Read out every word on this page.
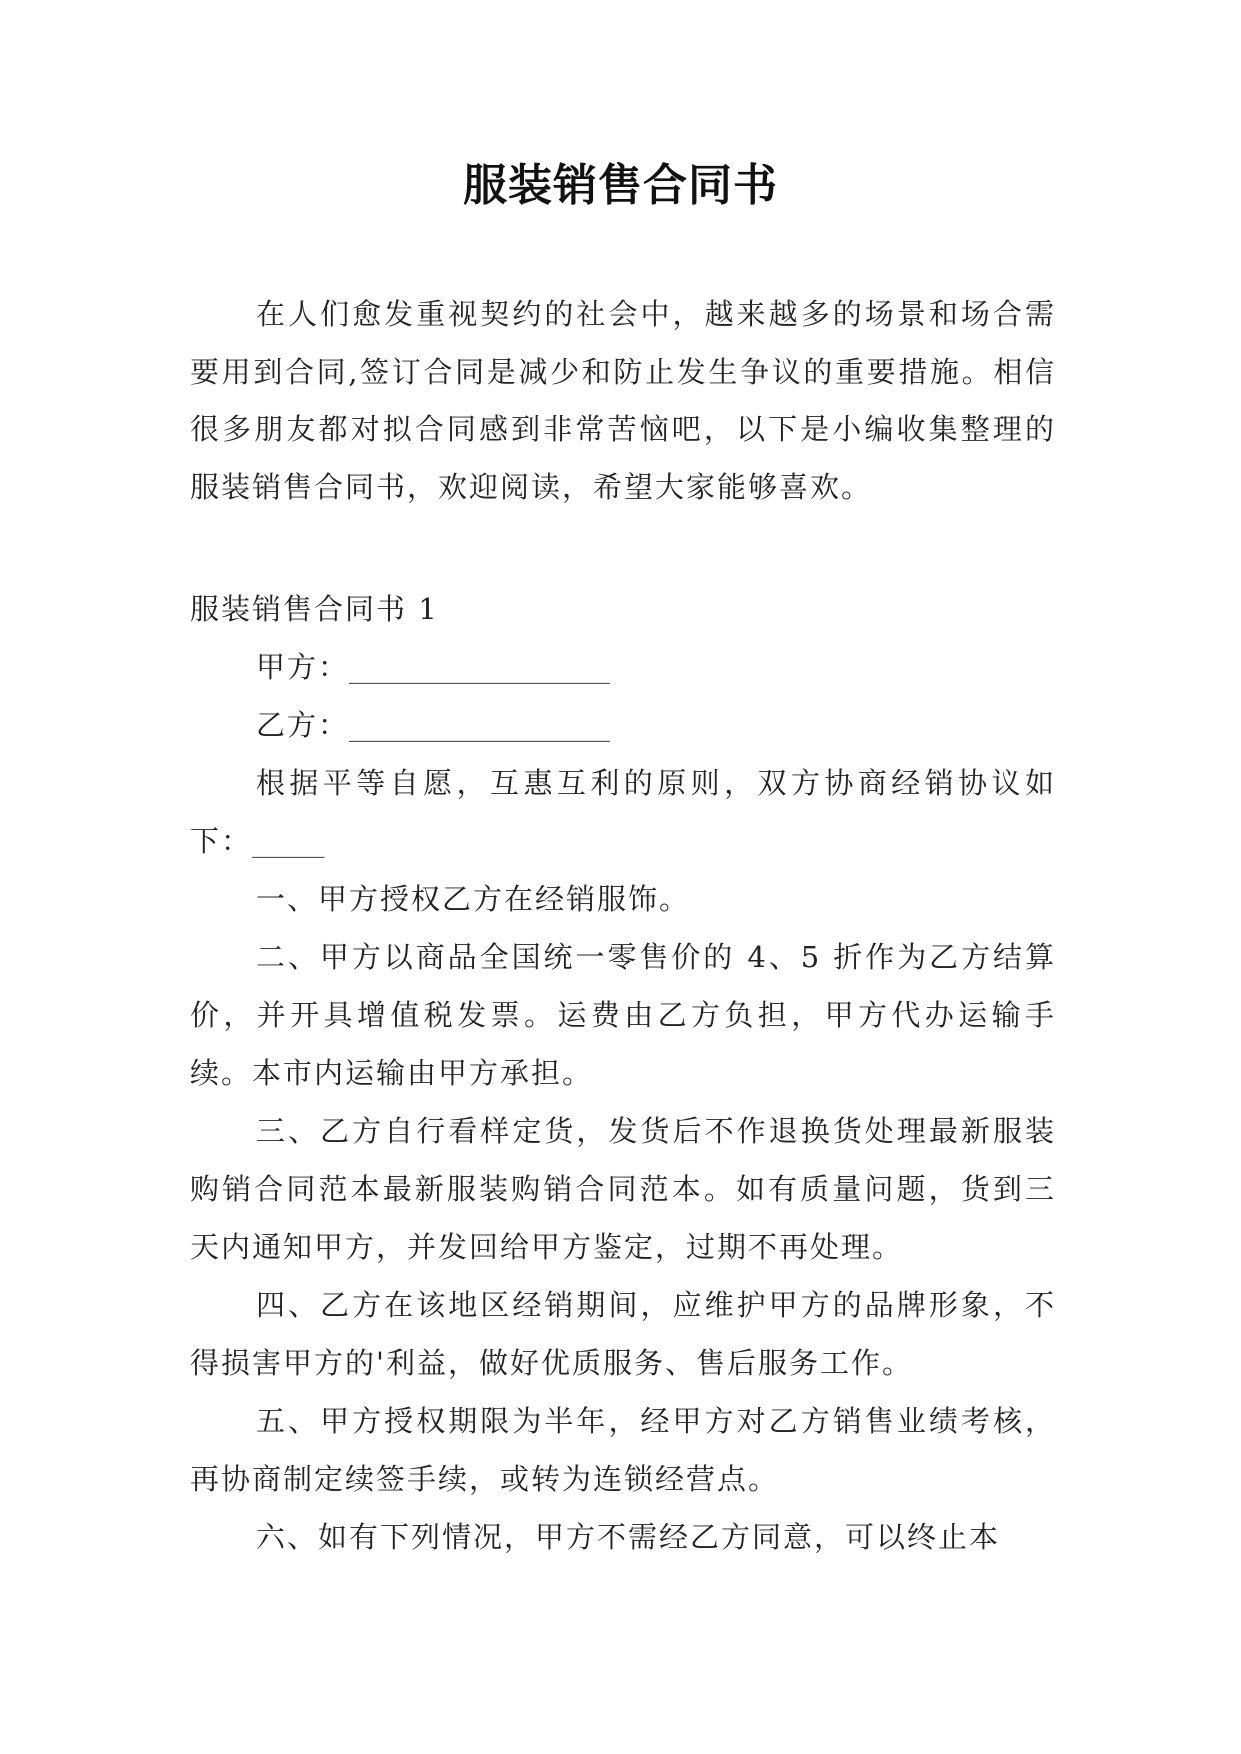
服装销售合同书

在人们愈发重视契约的社会中，越来越多的场景和场合需要用到合同,签订合同是减少和防止发生争议的重要措施。相信很多朋友都对拟合同感到非常苦恼吧，以下是小编收集整理的服装销售合同书，欢迎阅读，希望大家能够喜欢。

服装销售合同书 1

甲方：__________________

乙方：__________________

根据平等自愿，互惠互利的原则，双方协商经销协议如下：_____

一、甲方授权乙方在经销服饰。

二、甲方以商品全国统一零售价的 4、5 折作为乙方结算价，并开具增值税发票。运费由乙方负担，甲方代办运输手续。本市内运输由甲方承担。

三、乙方自行看样定货，发货后不作退换货处理最新服装购销合同范本最新服装购销合同范本。如有质量问题，货到三天内通知甲方，并发回给甲方鉴定，过期不再处理。

四、乙方在该地区经销期间，应维护甲方的品牌形象，不得损害甲方的'利益，做好优质服务、售后服务工作。

五、甲方授权期限为半年，经甲方对乙方销售业绩考核，再协商制定续签手续，或转为连锁经营点。

六、如有下列情况，甲方不需经乙方同意，可以终止本
